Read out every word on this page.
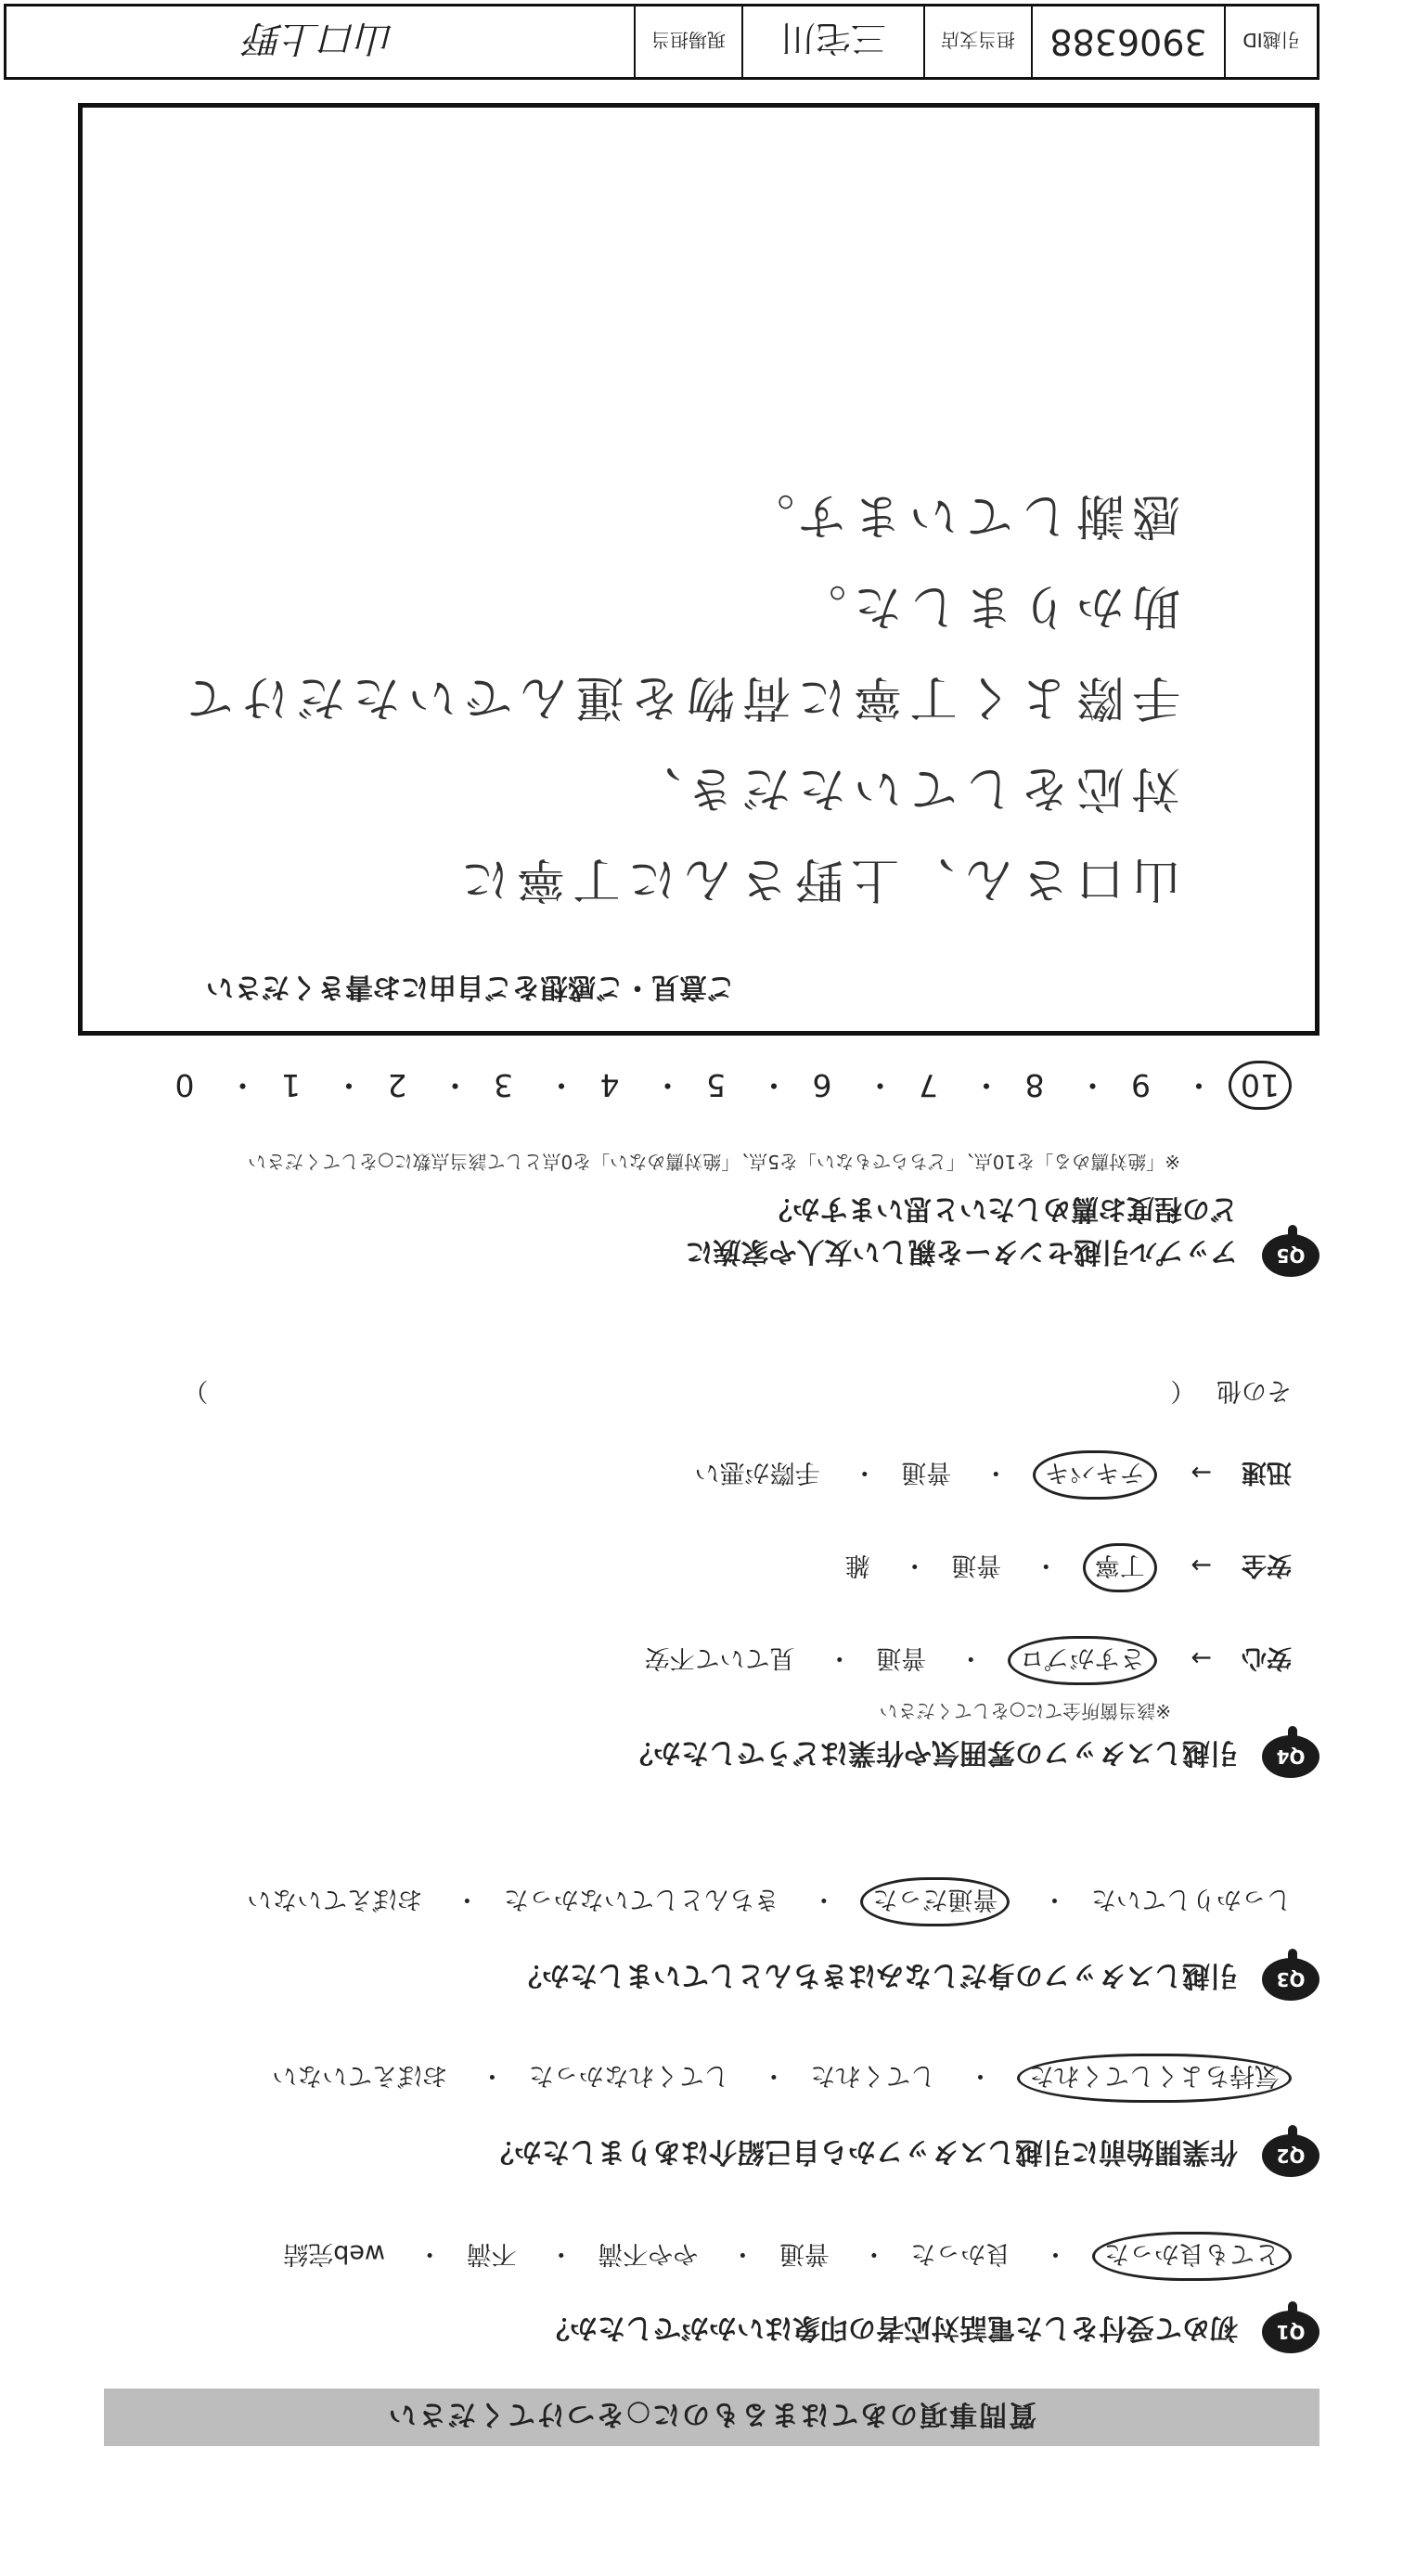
質問事項のあてはまるものに○をつけてください
Q1
初めて受付をした電話対応者の印象はいかがでしたか？
とても良かった・ 良かった・ 普通・ やや不満・ 不満・ web完結
Q2
作業開始前に引越しスタッフから自己紹介はありましたか？
気持ちよくしてくれた・ してくれた・ してくれなかった・ おぼえていない
Q3
引越しスタッフの身だしなみはきちんとしていましたか？
しっかりしていた・ 普通だった・ きちんとしていなかった・ おぼえていない
Q4
引越しスタッフの雰囲気や作業はどうでしたか？
※該当箇所全てに○をしてください
安心→ さすがプロ・ 普通・ 見ていて不安
安全→ 丁寧・ 普通・ 雑
迅速→ テキパキ・ 普通・ 手際が悪い
その他 （  ）
Q5
アップル引越センターを親しい友人や家族に
どの程度お薦めしたいと思いますか？
※「絶対薦める」を10点、「どちらでもない」を5点、「絶対薦めない」を0点として該当点数に○をしてください
10・ 9・ 8・ 7・ 6・ 5・ 4・ 3・ 2・ 1・ 0
ご意見・ご感想をご自由にお書きください
山口さん、上野さんに丁寧に
対応をしていただき、
手際よく丁寧に荷物を運んでいただけて
助かりました。
感謝しています。
引越ID
3906388
担当支店
三宅川
現場担当
山口上野
